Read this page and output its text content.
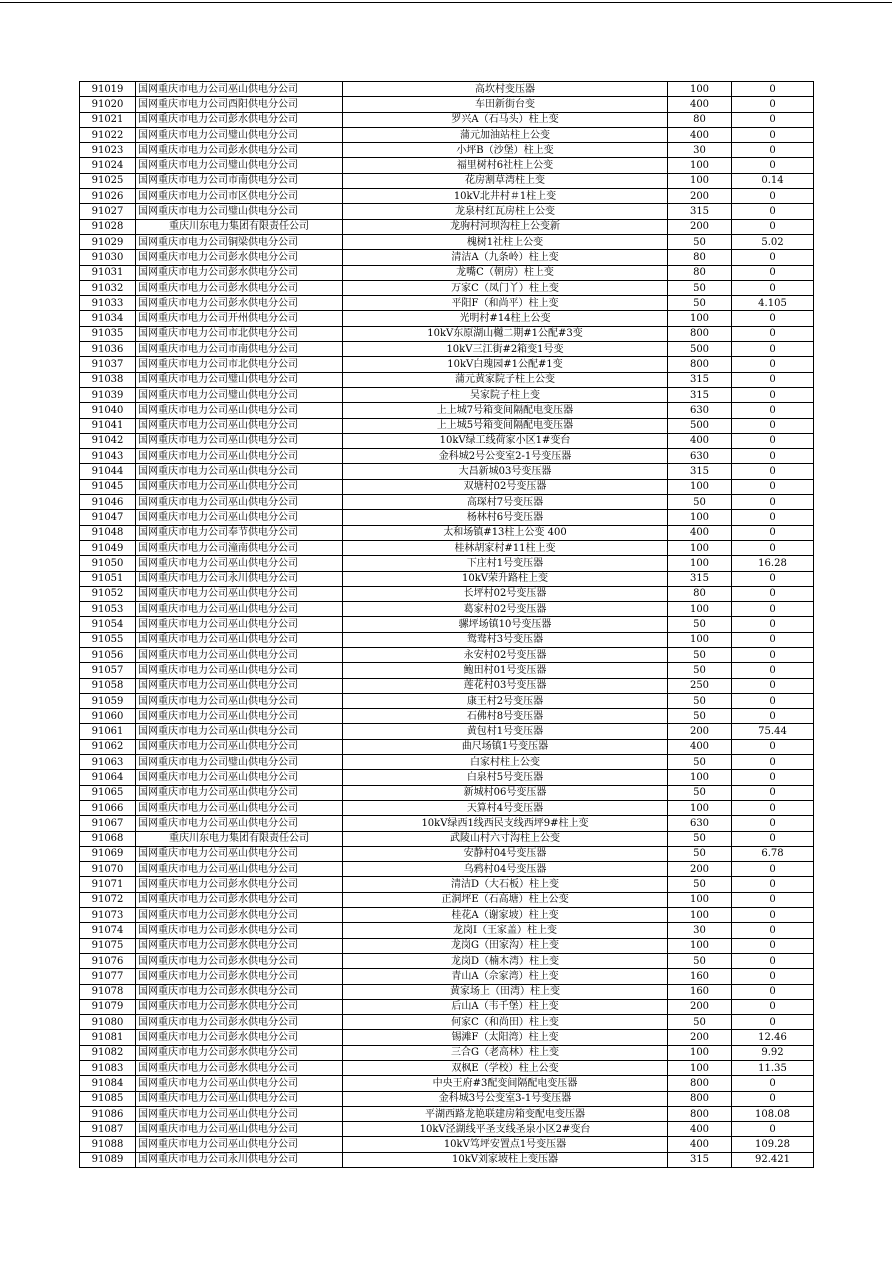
91019	国网重庆市电力公司巫山供电分公司	高坎村变压器	100	0
91020	国网重庆市电力公司酉阳供电分公司	车田新街台变	400	0
91021	国网重庆市电力公司彭水供电分公司	罗兴A（石马头）柱上变	80	0
91022	国网重庆市电力公司璧山供电分公司	蒲元加油站柱上公变	400	0
91023	国网重庆市电力公司彭水供电分公司	小坪B（沙堡）柱上变	30	0
91024	国网重庆市电力公司璧山供电分公司	福里树村6社柱上公变	100	0
91025	国网重庆市电力公司市南供电分公司	花房割草湾柱上变	100	0.14
91026	国网重庆市电力公司市区供电分公司	10kV北井村＃1柱上变	200	0
91027	国网重庆市电力公司璧山供电分公司	龙泉村红瓦房柱上公变	315	0
91028	重庆川东电力集团有限责任公司	龙驹村河坝沟柱上公变新	200	0
91029	国网重庆市电力公司铜梁供电分公司	槐树1社柱上公变	50	5.02
91030	国网重庆市电力公司彭水供电分公司	清洁A（九条岭）柱上变	80	0
91031	国网重庆市电力公司彭水供电分公司	龙嘴C（朝房）柱上变	80	0
91032	国网重庆市电力公司彭水供电分公司	万家C（凤门丫）柱上变	50	0
91033	国网重庆市电力公司彭水供电分公司	平阳F（和尚平）柱上变	50	4.105
91034	国网重庆市电力公司开州供电分公司	光明村#14柱上公变	100	0
91035	国网重庆市电力公司市北供电分公司	10kV东原湖山樾二期#1公配#3变	800	0
91036	国网重庆市电力公司市南供电分公司	10kV三江街#2箱变1号变	500	0
91037	国网重庆市电力公司市北供电分公司	10kV白瑰园#1公配#1变	800	0
91038	国网重庆市电力公司璧山供电分公司	蒲元黄家院子柱上公变	315	0
91039	国网重庆市电力公司璧山供电分公司	吴家院子柱上变	315	0
91040	国网重庆市电力公司巫山供电分公司	上上城7号箱变间隔配电变压器	630	0
91041	国网重庆市电力公司巫山供电分公司	上上城5号箱变间隔配电变压器	500	0
91042	国网重庆市电力公司巫山供电分公司	10kV绿工线荷家小区1#变台	400	0
91043	国网重庆市电力公司巫山供电分公司	金科城2号公变室2-1号变压器	630	0
91044	国网重庆市电力公司巫山供电分公司	大昌新城03号变压器	315	0
91045	国网重庆市电力公司巫山供电分公司	双塘村02号变压器	100	0
91046	国网重庆市电力公司巫山供电分公司	高琛村7号变压器	50	0
91047	国网重庆市电力公司巫山供电分公司	杨林村6号变压器	100	0
91048	国网重庆市电力公司奉节供电分公司	太和场镇#13柱上公变 400	400	0
91049	国网重庆市电力公司潼南供电分公司	桂林胡家村#11柱上变	100	0
91050	国网重庆市电力公司巫山供电分公司	下庄村1号变压器	100	16.28
91051	国网重庆市电力公司永川供电分公司	10kV荣升路柱上变	315	0
91052	国网重庆市电力公司巫山供电分公司	长坪村02号变压器	80	0
91053	国网重庆市电力公司巫山供电分公司	葛家村02号变压器	100	0
91054	国网重庆市电力公司巫山供电分公司	骡坪场镇10号变压器	50	0
91055	国网重庆市电力公司巫山供电分公司	鸳鸯村3号变压器	100	0
91056	国网重庆市电力公司巫山供电分公司	永安村02号变压器	50	0
91057	国网重庆市电力公司巫山供电分公司	鲍田村01号变压器	50	0
91058	国网重庆市电力公司巫山供电分公司	莲花村03号变压器	250	0
91059	国网重庆市电力公司巫山供电分公司	康王村2号变压器	50	0
91060	国网重庆市电力公司巫山供电分公司	石佛村8号变压器	50	0
91061	国网重庆市电力公司巫山供电分公司	黄包村1号变压器	200	75.44
91062	国网重庆市电力公司巫山供电分公司	曲尺场镇1号变压器	400	0
91063	国网重庆市电力公司璧山供电分公司	白家村柱上公变	50	0
91064	国网重庆市电力公司巫山供电分公司	白泉村5号变压器	100	0
91065	国网重庆市电力公司巫山供电分公司	新城村06号变压器	50	0
91066	国网重庆市电力公司巫山供电分公司	天算村4号变压器	100	0
91067	国网重庆市电力公司巫山供电分公司	10kV绿西1线西民支线西坪9#柱上变	630	0
91068	重庆川东电力集团有限责任公司	武陵山村六寸沟柱上公变	50	0
91069	国网重庆市电力公司巫山供电分公司	安静村04号变压器	50	6.78
91070	国网重庆市电力公司巫山供电分公司	乌鸦村04号变压器	200	0
91071	国网重庆市电力公司彭水供电分公司	清洁D（大石板）柱上变	50	0
91072	国网重庆市电力公司彭水供电分公司	正洞坪E（石高塘）柱上公变	100	0
91073	国网重庆市电力公司彭水供电分公司	桂花A（谢家坡）柱上变	100	0
91074	国网重庆市电力公司彭水供电分公司	龙岗I（王家盖）柱上变	30	0
91075	国网重庆市电力公司彭水供电分公司	龙岗G（田家沟）柱上变	100	0
91076	国网重庆市电力公司彭水供电分公司	龙岗D（楠木湾）柱上变	50	0
91077	国网重庆市电力公司彭水供电分公司	青山A（佘家湾）柱上变	160	0
91078	国网重庆市电力公司彭水供电分公司	黄家场上（田湾）柱上变	160	0
91079	国网重庆市电力公司彭水供电分公司	后山A（韦千堡）柱上变	200	0
91080	国网重庆市电力公司彭水供电分公司	何家C（和尚田）柱上变	50	0
91081	国网重庆市电力公司彭水供电分公司	锡滩F（太阳湾）柱上变	200	12.46
91082	国网重庆市电力公司彭水供电分公司	三合G（老高林）柱上变	100	9.92
91083	国网重庆市电力公司彭水供电分公司	双枫E（学校）柱上公变	100	11.35
91084	国网重庆市电力公司巫山供电分公司	中央王府#3配变间隔配电变压器	800	0
91085	国网重庆市电力公司巫山供电分公司	金科城3号公变室3-1号变压器	800	0
91086	国网重庆市电力公司巫山供电分公司	平湖西路龙艳联建房箱变配电变压器	800	108.08
91087	国网重庆市电力公司巫山供电分公司	10kV泾湖线平圣支线圣泉小区2#变台	400	0
91088	国网重庆市电力公司巫山供电分公司	10kV笃坪安置点1号变压器	400	109.28
91089	国网重庆市电力公司永川供电分公司	10kV刘家坡柱上变压器	315	92.421
